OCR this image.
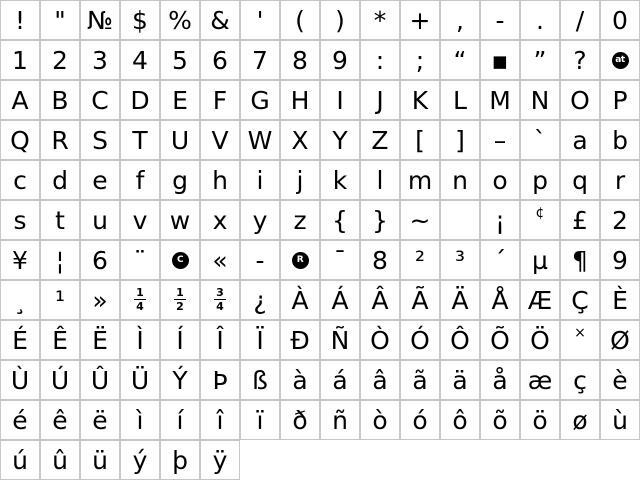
! " № $ % & ' ( ) * + , - . / 0
1 2 3 4 5 6 7 8 9 : ; “ ▪ ” ?	at
A B C D E F G H I J K L M N O P
Q R S T U V W X Y Z [ ] – ` a b
c d e f g h i j k l m n o p q r
s t u v w x y z { } ~	¡ ¢ £ 2
¥ ¦ 6 ¨	C « -	R ¯ 8 ² ³ ´ µ ¶ 9
¸ ¹ » $\frac{1}{4}$	$\frac{1}{2}$	$\frac{3}{4}$ ¿ À Á Â Ã Ä Å Æ Ç È
É Ê Ë Ì Í Î Ï Ð Ñ Ò Ó Ô Õ Ö × Ø
Ù Ú Û Ü Ý Þ ß à á â ã ä å æ ç è
é ê ë ì í î ï ð ñ ò ó ô õ ö ø ù
ú û ü ý þ ÿ
